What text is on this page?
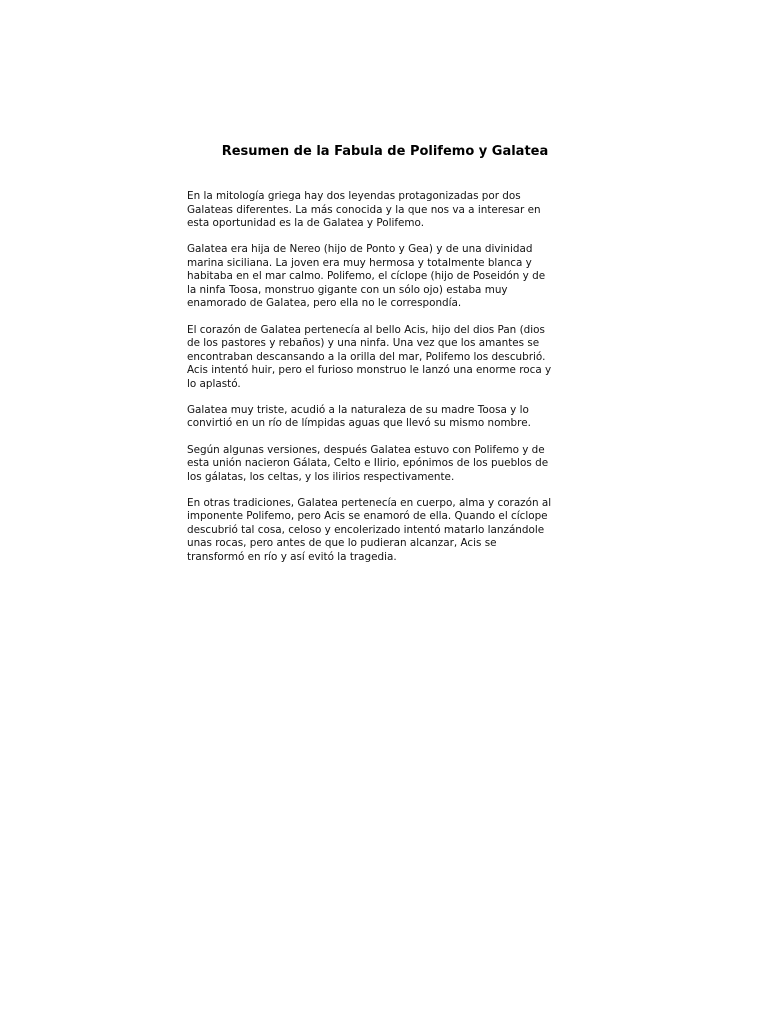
Resumen de la Fabula de Polifemo y Galatea

En la mitología griega hay dos leyendas protagonizadas por dos
Galateas diferentes. La más conocida y la que nos va a interesar en
esta oportunidad es la de Galatea y Polifemo.

Galatea era hija de Nereo (hijo de Ponto y Gea) y de una divinidad
marina siciliana. La joven era muy hermosa y totalmente blanca y
habitaba en el mar calmo. Polifemo, el cíclope (hijo de Poseidón y de
la ninfa Toosa, monstruo gigante con un sólo ojo) estaba muy
enamorado de Galatea, pero ella no le correspondía.

El corazón de Galatea pertenecía al bello Acis, hijo del dios Pan (dios
de los pastores y rebaños) y una ninfa. Una vez que los amantes se
encontraban descansando a la orilla del mar, Polifemo los descubrió.
Acis intentó huir, pero el furioso monstruo le lanzó una enorme roca y
lo aplastó.

Galatea muy triste, acudió a la naturaleza de su madre Toosa y lo
convirtió en un río de límpidas aguas que llevó su mismo nombre.

Según algunas versiones, después Galatea estuvo con Polifemo y de
esta unión nacieron Gálata, Celto e Ilirio, epónimos de los pueblos de
los gálatas, los celtas, y los ilirios respectivamente.

En otras tradiciones, Galatea pertenecía en cuerpo, alma y corazón al
imponente Polifemo, pero Acis se enamoró de ella. Quando el cíclope
descubrió tal cosa, celoso y encolerizado intentó matarlo lanzándole
unas rocas, pero antes de que lo pudieran alcanzar, Acis se
transformó en río y así evitó la tragedia.
